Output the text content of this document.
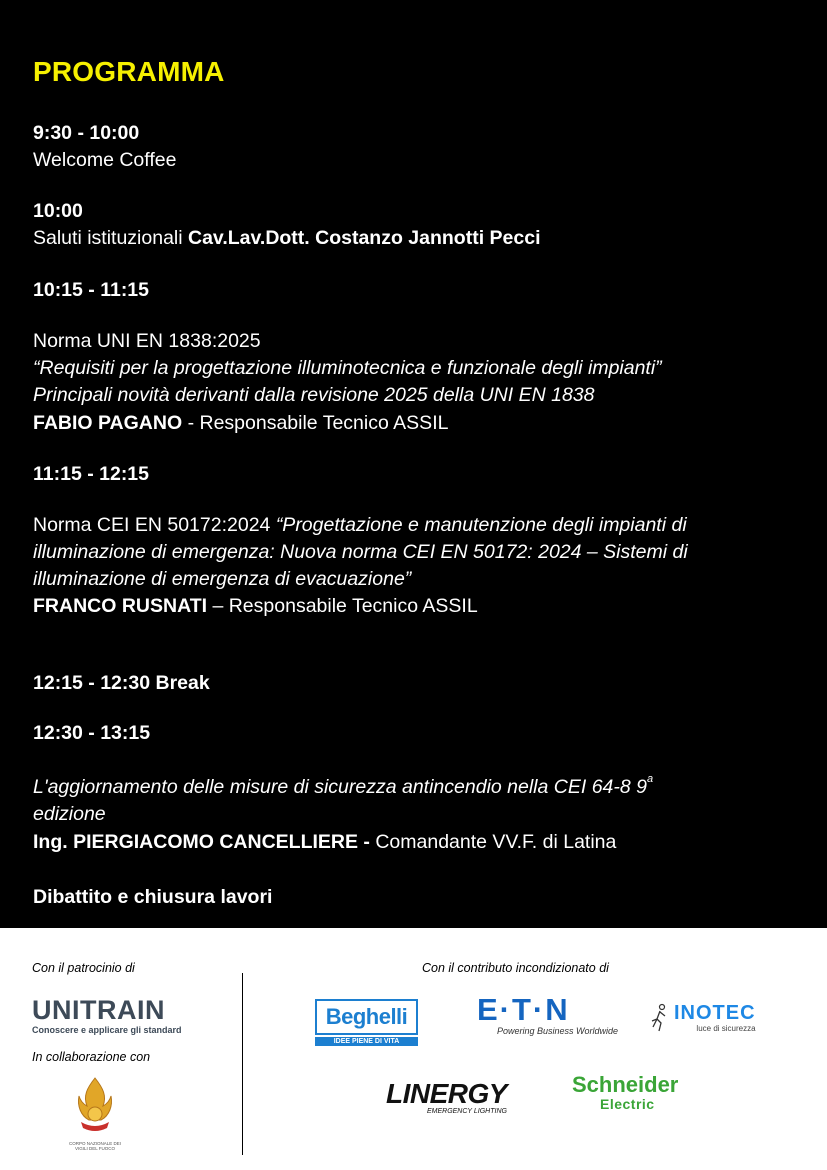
PROGRAMMA
9:30 - 10:00
Welcome Coffee
10:00
Saluti istituzionali Cav.Lav.Dott. Costanzo Jannotti Pecci
10:15 - 11:15
Norma UNI EN 1838:2025
“Requisiti per la progettazione illuminotecnica e funzionale degli impianti”
Principali novità derivanti dalla revisione 2025 della UNI EN 1838
FABIO PAGANO - Responsabile Tecnico ASSIL
11:15 - 12:15
Norma CEI EN 50172:2024 “Progettazione e manutenzione degli impianti di
illuminazione di emergenza: Nuova norma CEI EN 50172: 2024 – Sistemi di
illuminazione di emergenza di evacuazione”
FRANCO RUSNATI – Responsabile Tecnico ASSIL
12:15 - 12:30 Break
12:30 - 13:15
L'aggiornamento delle misure di sicurezza antincendio nella CEI 64-8 9$^a$
edizione
Ing. PIERGIACOMO CANCELLIERE - Comandante VV.F. di Latina
Dibattito e chiusura lavori
Con il patrocinio di
In collaborazione con
Con il contributo incondizionato di
UNITRAIN
Conoscere e applicare gli standard
CORPO NAZIONALE DEI VIGILI DEL FUOCO
Beghelli
IDEE PIENE DI VITA
E·T·N
Powering Business Worldwide
INOTEC
luce di sicurezza
LINERGY
EMERGENCY LIGHTING
Schneider
Electric
